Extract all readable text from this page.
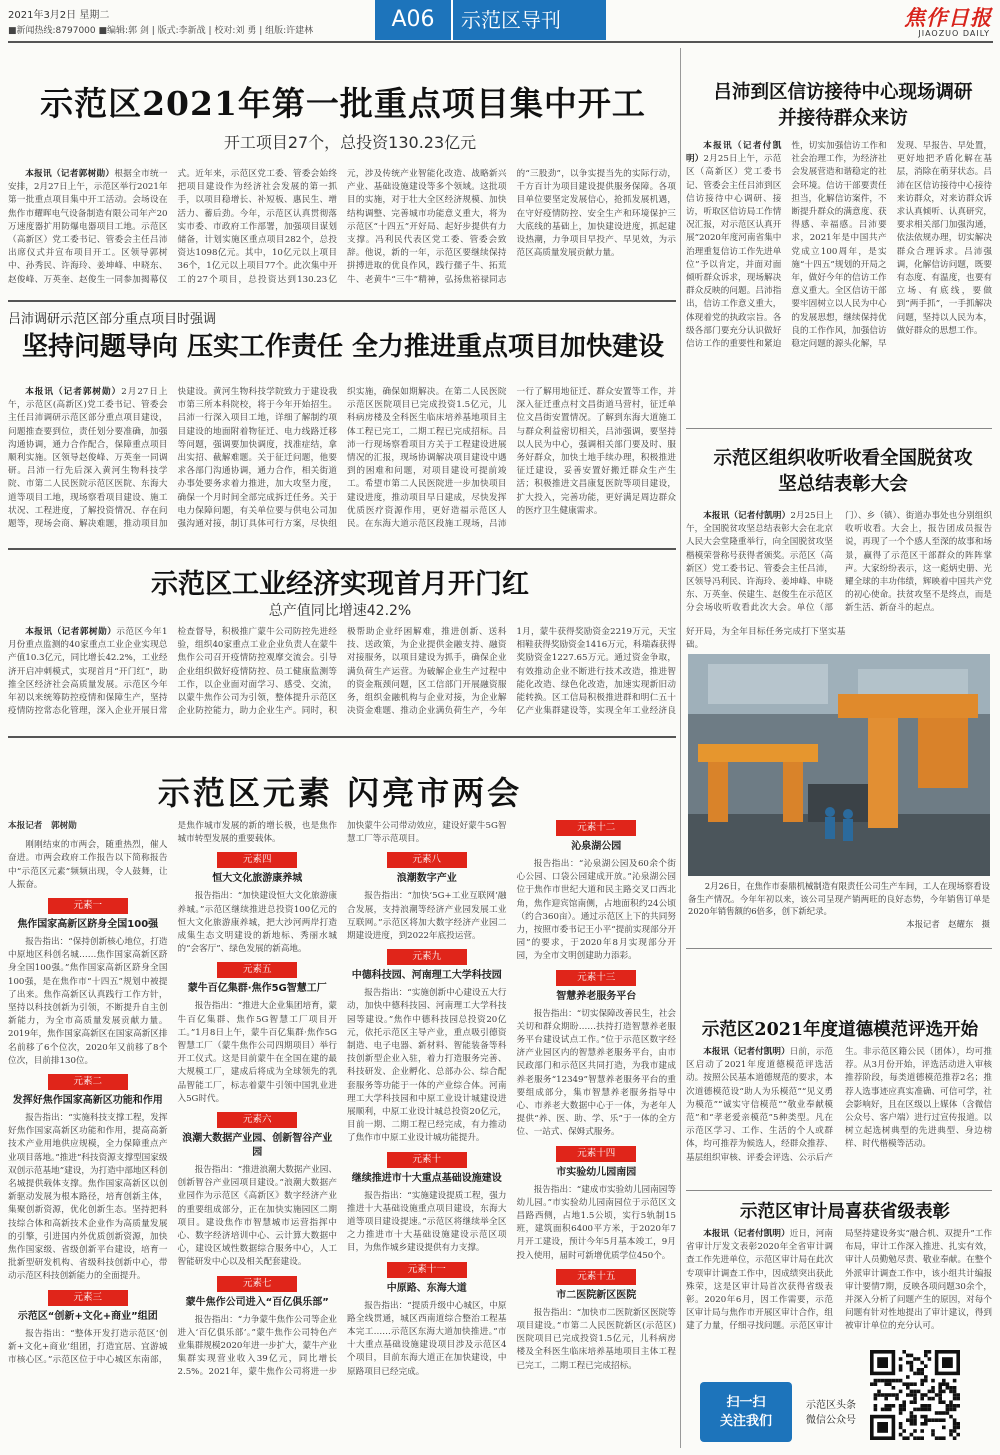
2021年3月2日 星期二
■新闻热线:8797000 ■编辑:郭 剑 | 版式:李新战 | 校对:刘 勇 | 组版:许建林	A06	示范区导刊	焦作日报
JIAOZUO DAILY
示范区2021年第一批重点项目集中开工
开工项目27个，总投资130.23亿元

本报讯（记者郭树勋）根据全市统一安排，2月27日上午，示范区举行2021年第一批重点项目集中开工活动。会场设在焦作市耀晖电气设备制造有限公司年产20万速度器扩用防爆电器项目工地。示范区（高新区）党工委书记、管委会主任吕沛出席仪式并宣布项目开工。区领导郭树中、孙秀民、许海玲、姜坤峰、申晓东、赵俊峰、万英奎、赵俊生一同参加揭幕仪式。近年来，示范区党工委、管委会始终把项目建设作为经济社会发展的第一抓手，以项目稳增长、补短板、惠民生、增活力、蓄后劲。今年，示范区认真贯彻落实市委、市政府工作部署，加强项目谋划储备，计划实施区重点项目282个，总投资达1098亿元。其中，10亿元以上项目36个，1亿元以上项目77个。此次集中开工的27个项目，总投资达到130.23亿元，涉及传统产业智能化改造、战略新兴产业、基础设施建设等多个领域。这批项目的实施，对于壮大全区经济规模、加快结构调整、完善城市功能意义重大，将为示范区“十四五”开好局、起好步提供有力支撑。冯利民代表区党工委、管委会致辞。他说，新的一年，示范区要继续保持拼搏进取的优良作风，践行孺子牛、拓荒牛、老黄牛“三牛”精神，弘扬焦裕禄同志的“三股劲”，以争实提当先的实际行动，千方百计为项目建设提供服务保障。各项目单位要坚定发展信心，抢抓发展机遇，在守好疫情防控、安全生产和环境保护三大底线的基础上，加快建设进度，抓起建设热潮，力争项目早投产、早见效，为示范区高质量发展贡献力量。

吕沛调研示范区部分重点项目时强调
坚持问题导向 压实工作责任 全力推进重点项目加快建设

本报讯（记者郭树勋）2月27日上午，示范区(高新区)党工委书记、管委会主任吕沛调研示范区部分重点项目建设，问题推查要到位，责任划分要准确，加强沟通协调，通力合作配合，保障重点项目顺利实施。区领导赵俊峰、万英奎一同调研。吕沛一行先后深入黄河生物科技学院、市第二人民医院示范区医院、东海大道等项目工地，现场察看项目建设、施工状况、工程进度，了解投资情况、存在问题等，现场会商、解决难题，推动项目加快建设。黄河生物科技学院致力于建设我市第三所本科院校，将于今年开始招生。吕沛一行深入项目工地，详细了解制约项目建设的地面附着物征迁、电力线路迁移等问题，强调要加快调度，找准症结，拿出实招、截解难题。关于征迁问题，他要求各部门沟通协调，通力合作，相关街道办事处要务求着力推进，加大攻坚力度，确保一个月时间全部完成拆迁任务。关于电力保障问题，有关单位要与供电公司加强沟通对接，制订具体可行方案，尽快组织实施，确保如期解决。在第二人民医院示范区医院项目已完成投资1.5亿元，儿科病房楼及全科医生临床培养基地项目主体工程已完工，二期工程已完成招标。吕沛一行现场察看项目方关于工程建设进展情况的汇报，现场协调解决项目建设中遇到的困难和问题，对项目建设可提前竣工。希望市第二人民医院进一步加快项目建设进度，推动项目早日建成，尽快发挥优质医疗资源作用，更好造福示范区人民。在东海大道示范区段施工现场，吕沛一行了解用地征迁、群众安置等工作，并深入征迁重点村文昌街道马营村，征迁单位文昌街安置情况。了解到东海大道施工与群众利益密切相关，吕沛强调，要坚持以人民为中心，强调相关部门要及时、服务好群众，加快土地手续办理，积极推进征迁建设，妥善安置好搬迁群众生产生活；积极推进文昌康复医院等项目建设，扩大投入，完善功能，更好满足周边群众的医疗卫生健康需求。

示范区工业经济实现首月开门红
总产值同比增速42.2%

本报讯（记者郭树勋）示范区今年1月份重点监测的40家重点工业企业实现总产值10.3亿元，同比增长42.2%，工业经济开启冲刺模式，实现首月“开门红”，助推全区经济社会高质量发展。示范区今年年初以来统筹防控疫情和保障生产，坚持疫情防控常态化管理，深入企业开展日常检查督导，积极推广蒙牛公司防控先进经验，组织40家重点工业企业负责人在蒙牛焦作公司召开疫情防控观摩交流会。引导企业组织做好疫情防控、员工健康监测等工作，以企业面对面学习、感受、交流，以蒙牛焦作公司为引领，整体提升示范区企业防控能力，助力企业生产。同时，积极帮助企业纾困解难，推进创新、送科技、送政策，为企业提供金融支持、融资对接服务，以项目建设为抓手，确保企业满负荷生产运营。为破解企业生产过程中的资金瓶颈问题，区工信部门开展融资服务，组织金融机构与企业对接，为企业解决资金难题、推动企业满负荷生产，今年1月，蒙牛获得奖励资金2219万元，天宝相鞋获得奖励资金1416万元，科瑞森获得奖励资金1227.65万元。通过资金争取，有效推动企业不断进行技术改造，推进智能化改造、绿色化改造，加速实现新旧动能转换。区工信局积极推进群和明仁五十亿产业集群建设等，实现全年工业经济良好开局，为全年目标任务完成打下坚实基础。

示范区元素 闪亮市两会

本报记者　郭树勋

刚刚结束的市两会，随重热烈，催人奋进。市两会政府工作报告以下简称报告中“示范区元素”频频出现，令人鼓舞，让人振奋。

元素一
焦作国家高新区跻身全国100强

报告指出：“保持创新核心地位，打造中原地区科创名城……焦作国家高新区跻身全国100强。”焦作国家高新区跻身全国100强，是在焦作市“十四五”规划中被提了出来。焦作高新区认真践行工作方针，坚持以科技创新为引领，不断提升自主创新能力，为全市高质量发展贡献力量。2019年，焦作国家高新区在国家高新区排名前移了6个位次，2020年又前移了8个位次，目前排130位。

元素二
发挥好焦作国家高新区功能和作用

报告指出：“实施科技支撑工程，发挥好焦作国家高新区功能和作用，提高高新技术产业用地供应规模，全力保障重点产业项目落地。”推进“科技资源支撑型国家级双创示范基地”建设，为打造中部地区科创名城提供载体支撑。焦作国家高新区以创新驱动发展为根本路径，培育创新主体，集聚创新资源，优化创新生态。坚持把科技综合体和高新技术企业作为高质量发展的引擎，引进国内外优质创新资源，加快焦作国家级、省级创新平台建设，培育一批新型研发机构、省级科技创新中心，带动示范区科技创新能力的全面提升。

元素三
示范区“创新+文化+商业”组团

报告指出：“整体开发打造示范区‘创新+文化+商业’组团，打造宜居、宜游城市核心区。”示范区位于中心城区东南部，是焦作城市发展的新的增长极，也是焦作城市转型发展的重要载体。

元素四
恒大文化旅游康养城

报告指出：“加快建设恒大文化旅游康养城。”示范区继续推进总投资100亿元的恒大文化旅游康养城，把大沙河两岸打造成集生态文明建设的新地标、秀丽水城的“会客厅”、绿色发展的新高地。

元素五
蒙牛百亿集群·焦作5G智慧工厂

报告指出：“推进大企业集团培育，蒙牛百亿集群、焦作5G智慧工厂项目开工。”1月8日上午，蒙牛百亿集群·焦作5G智慧工厂（蒙牛焦作公司四期项目）举行开工仪式。这是目前蒙牛在全国在建的最大规模工厂，建成后将成为全球领先的乳品智能工厂，标志着蒙牛引领中国乳业进入5G时代。

元素六
浪潮大数据产业园、创新智谷产业园

报告指出：“推进浪潮大数据产业园、创新智谷产业园项目建设。”浪潮大数据产业园作为示范区《高新区》数字经济产业的重要组成部分，正在加快实施园区二期项目。建设焦作市智慧城市运营指挥中心、数字经济培训中心、云计算大数据中心，建设区域性数据综合服务中心，人工智能研发中心以及相关配套建设。

元素七
蒙牛焦作公司进入“百亿俱乐部”

报告指出：“力争蒙牛焦作公司等企业进入‘百亿俱乐部’。”蒙牛焦作公司特色产业集群规模2020年进一步扩大，蒙牛产业集群实现营业收入39亿元，同比增长2.5%。2021年，蒙牛焦作公司将进一步加快蒙牛公司带动效应，建设好蒙牛5G智慧工厂等示范项目。

元素八
浪潮数字产业

报告指出：“加快‘5G+工业互联网’融合发展，支持浪潮等经济产业园发展工业互联网。”示范区将加大数字经济产业园二期建设进度，到2022年底投运营。

元素九
中德科技园、河南理工大学科技园

报告指出：“实施创新中心建设五大行动，加快中德科技园、河南理工大学科技园等建设。”焦作中德科技园总投资20亿元，依托示范区主导产业，重点吸引德资制造、电子电器、新材料、智能装备等科技创新型企业入驻，着力打造服务完善、科技研发、企业孵化、总部办公、综合配套服务等功能于一体的产业综合体。河南理工大学科技园和中原工业设计城建设进展顺利，中原工业设计城总投资20亿元，目前一期、二期工程已经完成，有力推动了焦作市中原工业设计城功能提升。

元素十
继续推进市十大重点基础设施建设

报告指出：“实施建设提质工程，强力推进十大基础设施重点项目建设，东海大道等项目建设提速。”示范区将继续举全区之力推进市十大基础设施建设示范区项目，为焦作城乡建设提供有力支撑。

元素十一
中原路、东海大道

报告指出：“提质升级中心城区，中原路全线贯通，城区西南道综合整治工程基本完工……示范区东海大道加快推进。”市十大重点基础设施建设项目涉及示范区4个项目，目前东海大道正在加快建设，中原路项目已经完成。

元素十二
沁泉湖公园

报告指出：“沁泉湖公园及60余个街心公园、口袋公园建成开放。”沁泉湖公园位于焦作市世纪大道和民主路交叉口西北角，焦作迎宾馆南侧，占地面积约24公顷（约合360亩）。通过示范区上下的共同努力，按照市委书记王小平“提前实现部分开园”的要求，于2020年8月实现部分开园，为全市文明创建助力添彩。

元素十三
智慧养老服务平台

报告指出：“切实保障改善民生，社会关切和群众期盼……扶持打造智慧养老服务平台建设试点工作。”位于示范区数字经济产业园区内的智慧养老服务平台，由市民政部门和示范区共同打造，为我市建成养老服务“12349”智慧养老服务平台的重要组成部分，集市智慧养老服务指导中心、市养老大数据中心于一体，为老年人提供“养、医、助、学、乐”于一体的全方位、一站式、保姆式服务。

元素十四
市实验幼儿园南园

报告指出：“建成市实验幼儿园南园等幼儿园。”市实验幼儿园南园位于示范区文昌路西侧，占地1.5公顷，实行5轨制15班，建筑面积6400平方米，于2020年7月开工建设，预计今年5月基本竣工，9月投入使用，届时可新增优质学位450个。

元素十五
市二医院新区医院

报告指出：“加快市二医院新区医院等项目建设。”市第二人民医院新区(示范区)医院项目已完成投资1.5亿元，儿科病房楼及全科医生临床培养基地项目主体工程已完工，二期工程已完成招标。

吕沛到区信访接待中心现场调研并接待群众来访

本报讯（记者付凯明）2月25日上午，示范区（高新区）党工委书记、管委会主任吕沛到区信访接待中心调研、接访，听取区信访局工作情况汇报，对示范区认真开展“2020年度河南省集中治理重复信访工作先进单位”予以肯定，并面对面倾听群众诉求，现场解决群众反映的问题。吕沛指出，信访工作意义重大，体现着党的执政宗旨。各级各部门要充分认识做好信访工作的重要性和紧迫性，切实加强信访工作和社会治理工作，为经济社会发展营造和谐稳定的社会环境。信访干部要责任担当，化解信访案件，不断提升群众的满意度、获得感、幸福感。吕沛要求，2021年是中国共产党成立100周年，是实施“十四五”规划的开局之年，做好今年的信访工作意义重大。全区信访干部要牢固树立以人民为中心的发展思想，继续保持优良的工作作风，加强信访稳定问题的源头化解，早发现、早报告、早处置，更好地把矛盾化解在基层，消除在萌芽状态。吕沛在区信访接待中心接待来访群众，对来访群众诉求认真倾听、认真研究，要求相关部门加强沟通，依法依规办理，切实解决群众合理诉求。吕沛强调，化解信访问题，既要有态度、有温度，也要有立场、有底线，要做到“两手抓”，一手抓解决问题，坚持以人民为本，做好群众的思想工作。

示范区组织收听收看全国脱贫攻坚总结表彰大会

本报讯（记者付凯明）2月25日上午，全国脱贫攻坚总结表彰大会在北京人民大会堂隆重举行，向全国脱贫攻坚楷模荣誉称号获得者颁奖。示范区（高新区）党工委书记、管委会主任吕沛，区领导冯利民、许海玲、姜坤峰、申晓东、万英奎、侯建生、赵俊生在示范区分会场收听收看此次大会。单位（部门）、乡（镇）、街道办事处也分别组织收听收看。大会上，报告团成员报告说，再现了一个个感人至深的故事和场景，赢得了示范区干部群众的阵阵掌声。大家纷纷表示，这一彪炳史册、光耀全球的丰功伟绩，辉映着中国共产党的初心使命。扶贫攻坚不是终点，而是新生活、新奋斗的起点。

2月26日，在焦作市泰鼎机械制造有限责任公司生产车间，工人在现场察看设备生产情况。今年年初以来，该公司呈现产销两旺的良好态势，今年销售订单是2020年销售额的6倍多，创下新纪录。

本报记者　赵耀东　摄

示范区2021年度道德模范评选开始

本报讯（记者付凯明）日前，示范区启动了2021年度道德模范评选活动。按照公民基本道德规范的要求，本次道德模范设“助人为乐模范”“见义勇为模范”“诚实守信模范”“敬业奉献模范”和“孝老爱亲模范”5种类型。凡在示范区学习、工作、生活的个人或群体，均可推荐为候选人，经群众推荐、基层组织审核、评委会评选、公示后产生。非示范区籍公民（团体），均可推荐。从3月份开始，评选活动进入审核推荐阶段，每类道德模范推荐2名；推荐人选事迹应真实准确、可信可学，社会影响好，且在区级以上媒体（含微信公众号、客户端）进行过宣传报道。以树立起选树典型的先进典型、身边榜样、时代楷模等活动。

示范区审计局喜获省级表彰

本报讯（记者付凯明）近日，河南省审计厅发文表彰2020年全省审计调查工作先进单位，示范区审计局在此次专项审计调查工作中，因成绩突出获此殊荣，这是区审计局首次获得省级表彰。2020年6月，因工作需要，示范区审计局与焦作市开展区审计合作，组建了力量，仔细寻找问题。示范区审计局坚持建设务实“融合机、双提升”工作布局，审计工作深入推进、扎实有效，审计人员勤勉尽责、敬业奉献。在整个外派审计调查工作中，该小组共计编报审计要情7期，反映各项问题30余个，并深入分析了问题产生的原因，对每个问题有针对性地提出了审计建议，得到被审计单位的充分认可。

扫一扫
关注我们
示范区头条
微信公众号
